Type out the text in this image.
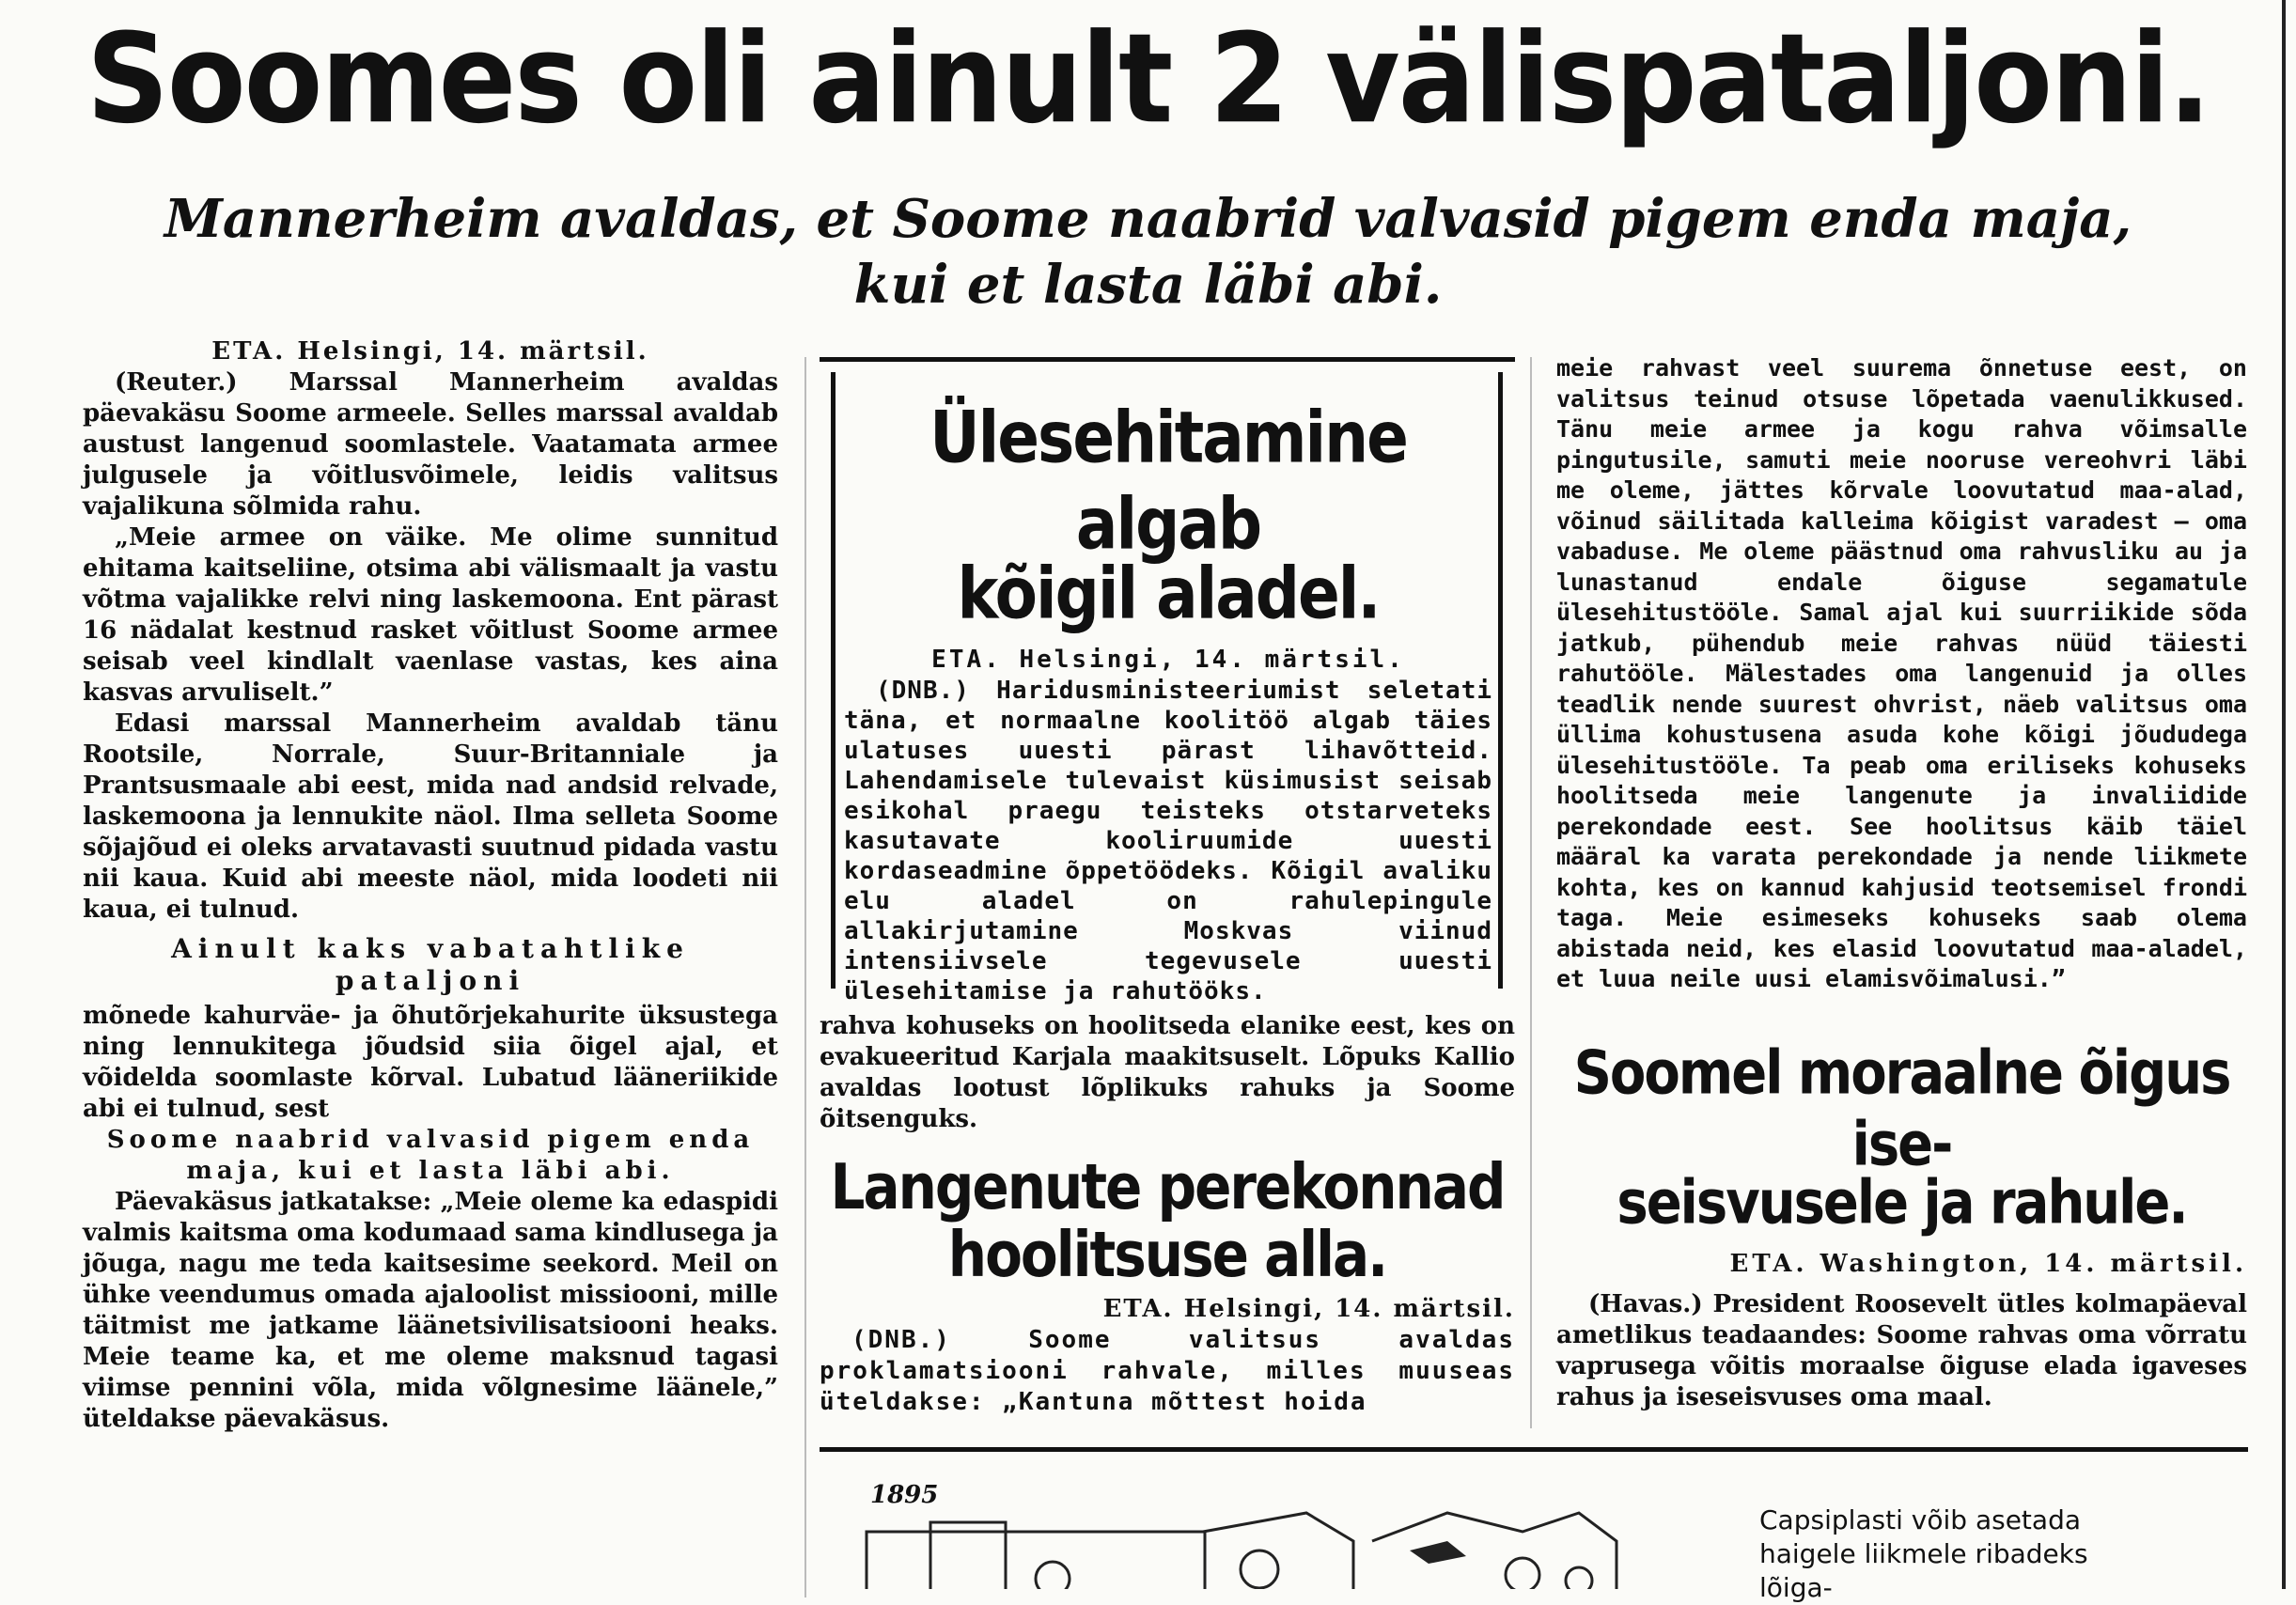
Soomes oli ainult 2 välispataljoni.
Mannerheim avaldas, et Soome naabrid valvasid pigem enda maja,
kui et lasta läbi abi.

ETA. Helsingi, 14. märtsil.

(Reuter.) Marssal Mannerheim avaldas päevakäsu Soome armeele. Selles marssal avaldab austust langenud soomlastele. Vaatamata armee julgusele ja võitlusvõimele, leidis valitsus vajalikuna sõlmida rahu.

„Meie armee on väike. Me olime sunnitud ehitama kaitseliine, otsima abi välismaalt ja vastu võtma vajalikke relvi ning laskemoona. Ent pärast 16 nädalat kestnud rasket võitlust Soome armee seisab veel kindlalt vaenlase vastas, kes aina kasvas arvuliselt.”

Edasi marssal Mannerheim avaldab tänu Rootsile, Norrale, Suur-Britanniale ja Prantsusmaale abi eest, mida nad andsid relvade, laskemoona ja lennukite näol. Ilma selleta Soome sõjajõud ei oleks arvatavasti suutnud pidada vastu nii kaua. Kuid abi meeste näol, mida loodeti nii kaua, ei tulnud.

Ainult kaks vabatahtlike pataljoni

mõnede kahurväe- ja õhutõrjekahurite üksustega ning lennukitega jõudsid siia õigel ajal, et võidelda soomlaste kõrval. Lubatud lääneriikide abi ei tulnud, sest

Soome naabrid valvasid pigem enda maja, kui et lasta läbi abi.

Päevakäsus jatkatakse: „Meie oleme ka edaspidi valmis kaitsma oma kodumaad sama kindlusega ja jõuga, nagu me teda kaitsesime seekord. Meil on ühke veendumus omada ajaloolist missiooni, mille täitmist me jatkame läänetsivilisatsiooni heaks. Meie teame ka, et me oleme maksnud tagasi viimse pennini võla, mida võlgnesime läänele,” üteldakse päevakäsus.

Ülesehitamine algab
kõigil aladel.

ETA. Helsingi, 14. märtsil.

(DNB.) Haridusministeeriumist seletati täna, et normaalne koolitöö algab täies ulatuses uuesti pärast lihavõtteid. Lahendamisele tulevaist küsimusist seisab esikohal praegu teisteks otstarveteks kasutavate kooliruumide uuesti kordaseadmine õppetöödeks. Kõigil avaliku elu aladel on rahulepingule allakirjutamine Moskvas viinud intensiivsele tegevusele uuesti ülesehitamise ja rahutööks.

rahva kohuseks on hoolitseda elanike eest, kes on evakueeritud Karjala maakitsuselt. Lõpuks Kallio avaldas lootust lõplikuks rahuks ja Soome õitsenguks.

Langenute perekonnad
hoolitsuse alla.

ETA. Helsingi, 14. märtsil.

(DNB.) Soome valitsus avaldas proklamatsiooni rahvale, milles muuseas üteldakse: „Kantuna mõttest hoida

meie rahvast veel suurema õnnetuse eest, on valitsus teinud otsuse lõpetada vaenulikkused. Tänu meie armee ja kogu rahva võimsalle pingutusile, samuti meie nooruse vereohvri läbi me oleme, jättes kõrvale loovutatud maa-alad, võinud säilitada kalleima kõigist varadest — oma vabaduse. Me oleme päästnud oma rahvusliku au ja lunastanud endale õiguse segamatule ülesehitustööle. Samal ajal kui suurriikide sõda jatkub, pühendub meie rahvas nüüd täiesti rahutööle. Mälestades oma langenuid ja olles teadlik nende suurest ohvrist, näeb valitsus oma üllima kohustusena asuda kohe kõigi jõududega ülesehitustööle. Ta peab oma eriliseks kohuseks hoolitseda meie langenute ja invaliidide perekondade eest. See hoolitsus käib täiel määral ka varata perekondade ja nende liikmete kohta, kes on kannud kahjusid teotsemisel frondi taga. Meie esimeseks kohuseks saab olema abistada neid, kes elasid loovutatud maa-aladel, et luua neile uusi elamisvõimalusi.”

Soomel moraalne õigus ise-
seisvusele ja rahule.

ETA. Washington, 14. märtsil.

(Havas.) President Roosevelt ütles kolmapäeval ametlikus teadaandes: Soome rahvas oma võrratu vaprusega võitis moraalse õiguse elada igaveses rahus ja iseseisvuses oma maal.

1895
Capsiplasti võib asetada haigele liikmele ribadeks lõiga-
